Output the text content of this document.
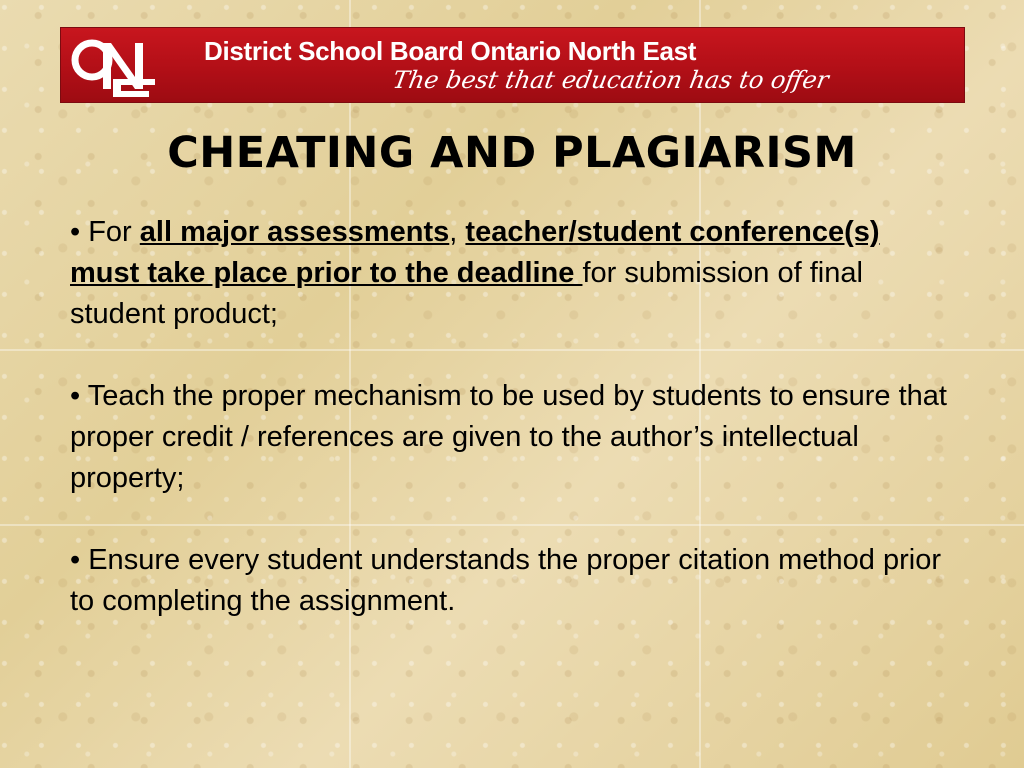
District School Board Ontario North East
The best that education has to offer
CHEATING AND PLAGIARISM

• For all major assessments, teacher/student conference(s) must take place prior to the deadline for submission of final student product;

• Teach the proper mechanism to be used by students to ensure that proper credit / references are given to the author’s intellectual property;

• Ensure every student understands the proper citation method prior to completing the assignment.
